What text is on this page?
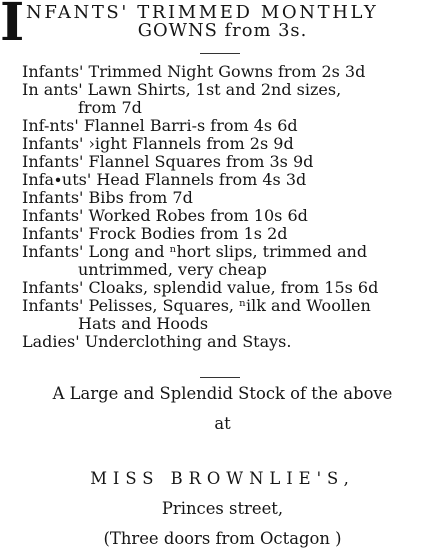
I NFANTS' TRIMMED MONTHLY
GOWNS from 3s.
Infants' Trimmed Night Gowns from 2s 3d
In ants' Lawn Shirts, 1st and 2nd sizes,
from 7d
Inf-nts' Flannel Barri-s from 4s 6d
Infants' ›ight Flannels from 2s 9d
Infants' Flannel Squares from 3s 9d
Infa∙uts' Head Flannels from 4s 3d
Infants' Bibs from 7d
Infants' Worked Robes from 10s 6d
Infants' Frock Bodies from 1s 2d
Infants' Long and ⁿhort slips, trimmed and
untrimmed, very cheap
Infants' Cloaks, splendid value, from 15s 6d
Infants' Pelisses, Squares, ⁿilk and Woollen
Hats and Hoods
Ladies' Underclothing and Stays.
A Large and Splendid Stock of the above
at
MISS BROWNLIE'S,
Princes street,
(Three doors from Octagon )
